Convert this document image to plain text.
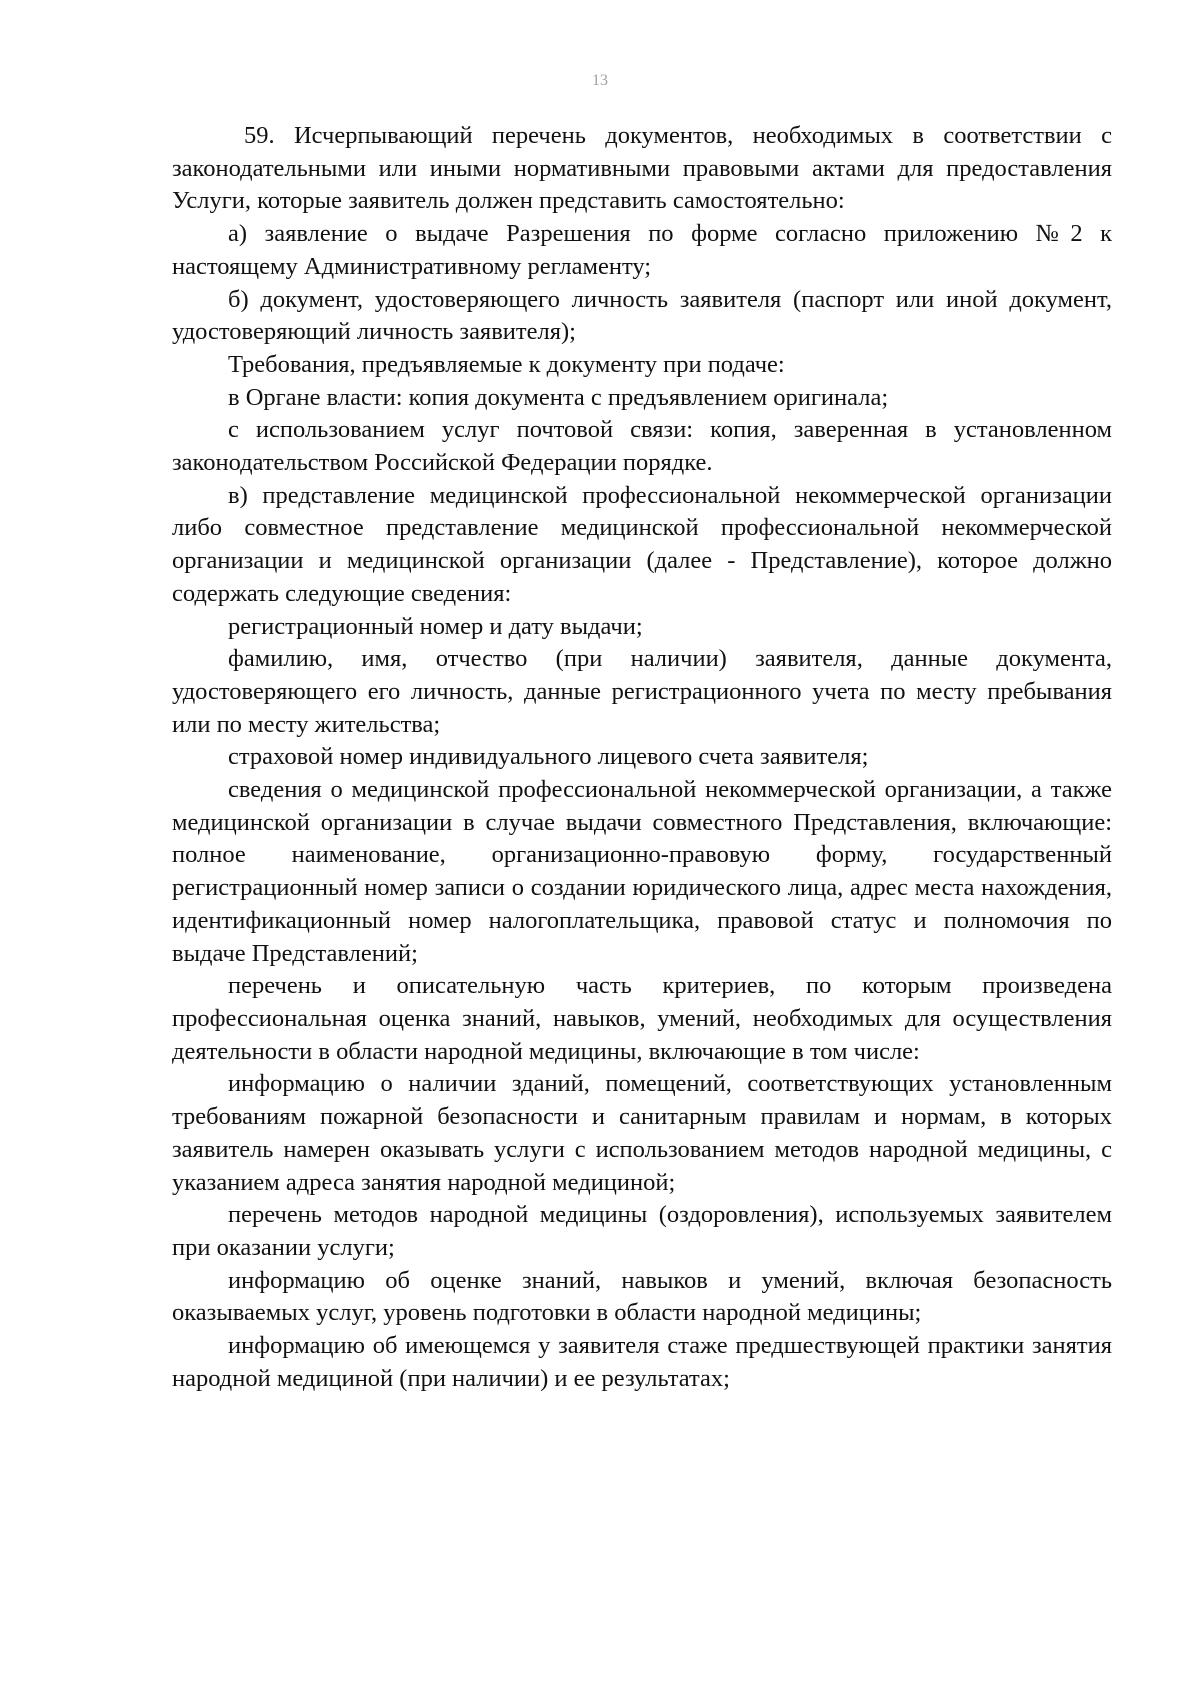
13

59. Исчерпывающий перечень документов, необходимых в соответствии с законодательными или иными нормативными правовыми актами для предоставления Услуги, которые заявитель должен представить самостоятельно:

а) заявление о выдаче Разрешения по форме согласно приложению №2 к настоящему Административному регламенту;

б) документ, удостоверяющего личность заявителя (паспорт или иной документ, удостоверяющий личность заявителя);

Требования, предъявляемые к документу при подаче:

в Органе власти: копия документа с предъявлением оригинала;

с использованием услуг почтовой связи: копия, заверенная в установленном законодательством Российской Федерации порядке.

в) представление медицинской профессиональной некоммерческой организации либо совместное представление медицинской профессиональной некоммерческой организации и медицинской организации (далее - Представление), которое должно содержать следующие сведения:

регистрационный номер и дату выдачи;

фамилию, имя, отчество (при наличии) заявителя, данные документа, удостоверяющего его личность, данные регистрационного учета по месту пребывания или по месту жительства;

страховой номер индивидуального лицевого счета заявителя;

сведения о медицинской профессиональной некоммерческой организации, а также медицинской организации в случае выдачи совместного Представления, включающие: полное наименование, организационно-правовую форму, государственный регистрационный номер записи о создании юридического лица, адрес места нахождения, идентификационный номер налогоплательщика, правовой статус и полномочия по выдаче Представлений;

перечень и описательную часть критериев, по которым произведена профессиональная оценка знаний, навыков, умений, необходимых для осуществления деятельности в области народной медицины, включающие в том числе:

информацию о наличии зданий, помещений, соответствующих установленным требованиям пожарной безопасности и санитарным правилам и нормам, в которых заявитель намерен оказывать услуги с использованием методов народной медицины, с указанием адреса занятия народной медициной;

перечень методов народной медицины (оздоровления), используемых заявителем при оказании услуги;

информацию об оценке знаний, навыков и умений, включая безопасность оказываемых услуг, уровень подготовки в области народной медицины;

информацию об имеющемся у заявителя стаже предшествующей практики занятия народной медициной (при наличии) и ее результатах;
